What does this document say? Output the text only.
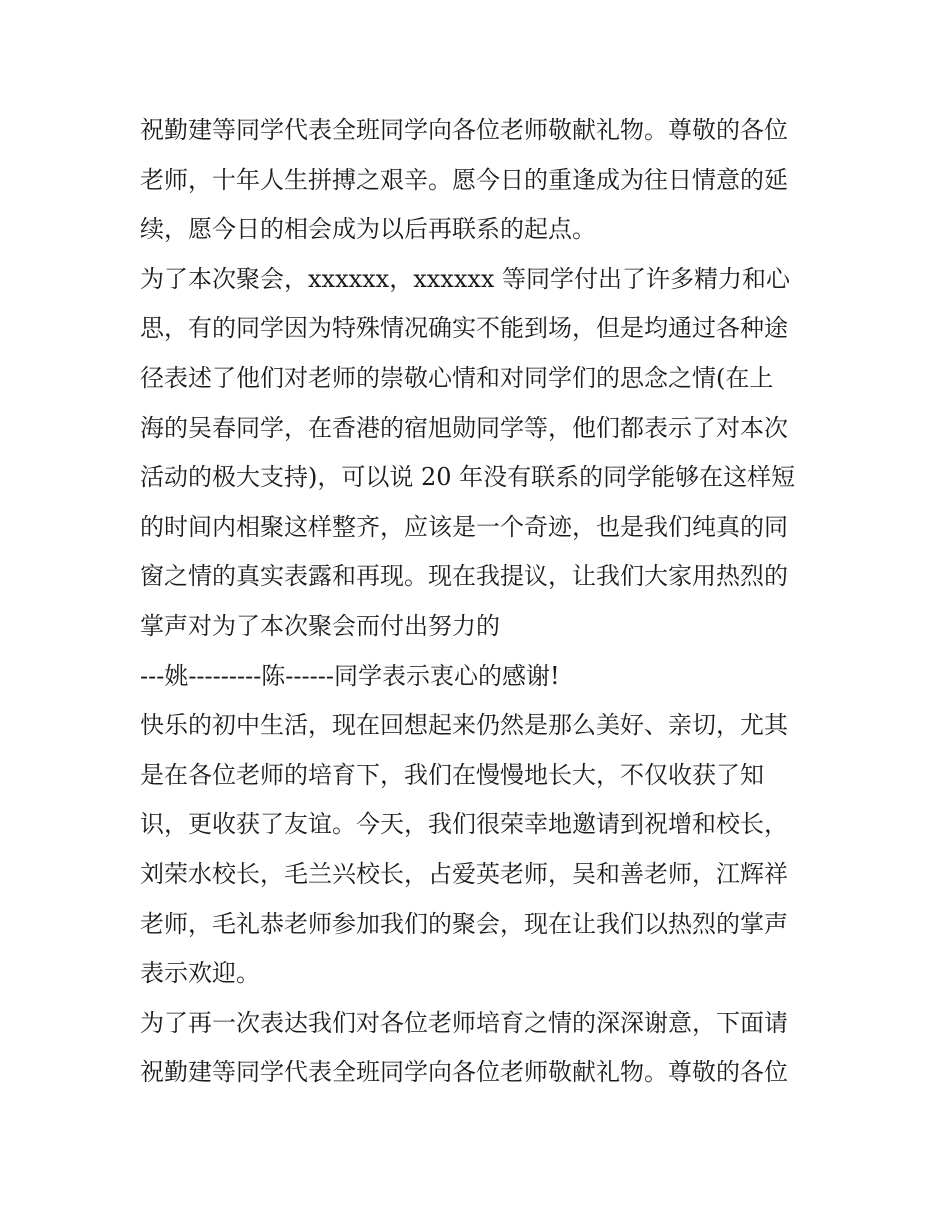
祝勤建等同学代表全班同学向各位老师敬献礼物。尊敬的各位
老师，十年人生拼搏之艰辛。愿今日的重逢成为往日情意的延
续，愿今日的相会成为以后再联系的起点。
为了本次聚会，xxxxxx，xxxxxx 等同学付出了许多精力和心
思，有的同学因为特殊情况确实不能到场，但是均通过各种途
径表述了他们对老师的崇敬心情和对同学们的思念之情(在上
海的吴春同学，在香港的宿旭勋同学等，他们都表示了对本次
活动的极大支持)，可以说 20 年没有联系的同学能够在这样短
的时间内相聚这样整齐，应该是一个奇迹，也是我们纯真的同
窗之情的真实表露和再现。现在我提议，让我们大家用热烈的
掌声对为了本次聚会而付出努力的
---姚---------陈------同学表示衷心的感谢!
快乐的初中生活，现在回想起来仍然是那么美好、亲切，尤其
是在各位老师的培育下，我们在慢慢地长大，不仅收获了知
识，更收获了友谊。今天，我们很荣幸地邀请到祝增和校长，
刘荣水校长，毛兰兴校长，占爱英老师，吴和善老师，江辉祥
老师，毛礼恭老师参加我们的聚会，现在让我们以热烈的掌声
表示欢迎。
为了再一次表达我们对各位老师培育之情的深深谢意，下面请
祝勤建等同学代表全班同学向各位老师敬献礼物。尊敬的各位
